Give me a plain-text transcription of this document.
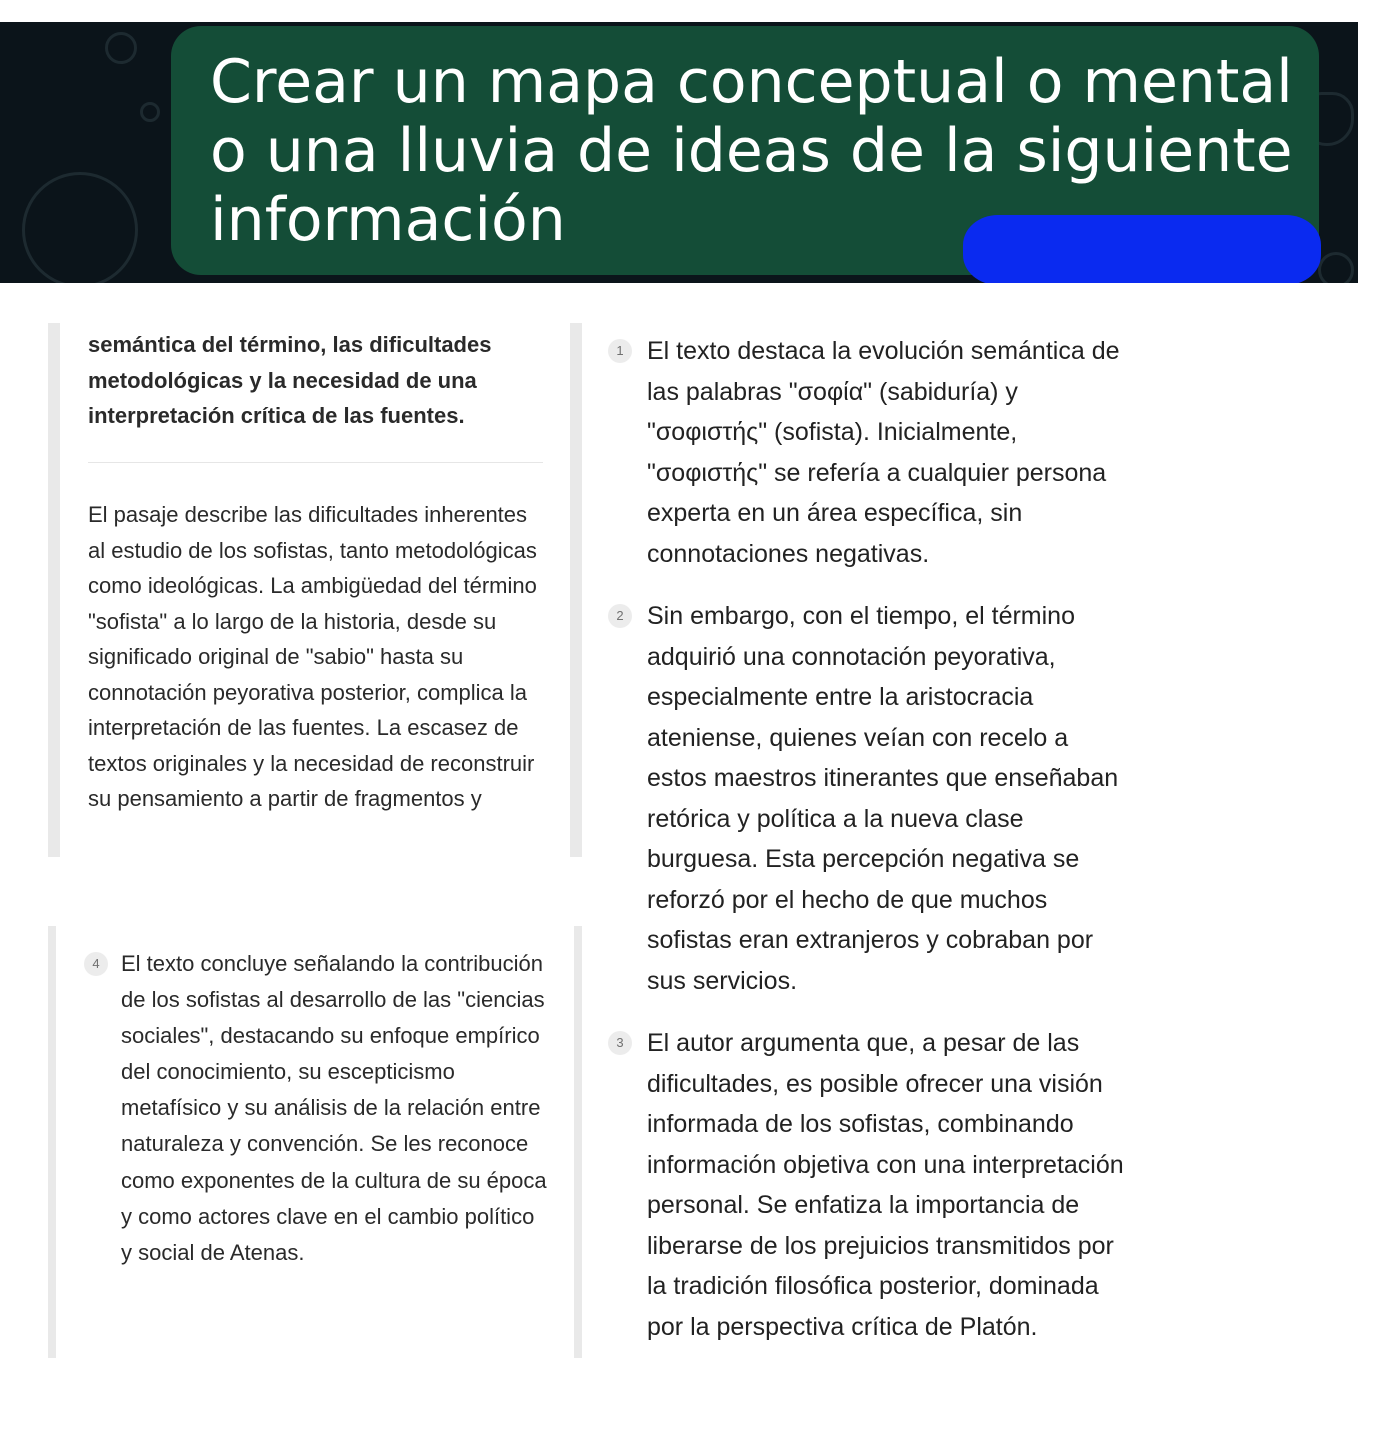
Crear un mapa conceptual o mental o una lluvia de ideas de la siguiente información

semántica del término, las dificultades metodológicas y la necesidad de una interpretación crítica de las fuentes.

El pasaje describe las dificultades inherentes al estudio de los sofistas, tanto metodológicas como ideológicas. La ambigüedad del término "sofista" a lo largo de la historia, desde su significado original de "sabio" hasta su connotación peyorativa posterior, complica la interpretación de las fuentes. La escasez de textos originales y la necesidad de reconstruir su pensamiento a partir de fragmentos y

4 El texto concluye señalando la contribución de los sofistas al desarrollo de las "ciencias sociales", destacando su enfoque empírico del conocimiento, su escepticismo metafísico y su análisis de la relación entre naturaleza y convención. Se les reconoce como exponentes de la cultura de su época y como actores clave en el cambio político y social de Atenas.

1 El texto destaca la evolución semántica de las palabras "σοφία" (sabiduría) y "σοφιστής" (sofista). Inicialmente, "σοφιστής" se refería a cualquier persona experta en un área específica, sin connotaciones negativas.

2 Sin embargo, con el tiempo, el término adquirió una connotación peyorativa, especialmente entre la aristocracia ateniense, quienes veían con recelo a estos maestros itinerantes que enseñaban retórica y política a la nueva clase burguesa. Esta percepción negativa se reforzó por el hecho de que muchos sofistas eran extranjeros y cobraban por sus servicios.

3 El autor argumenta que, a pesar de las dificultades, es posible ofrecer una visión informada de los sofistas, combinando información objetiva con una interpretación personal. Se enfatiza la importancia de liberarse de los prejuicios transmitidos por la tradición filosófica posterior, dominada por la perspectiva crítica de Platón.
